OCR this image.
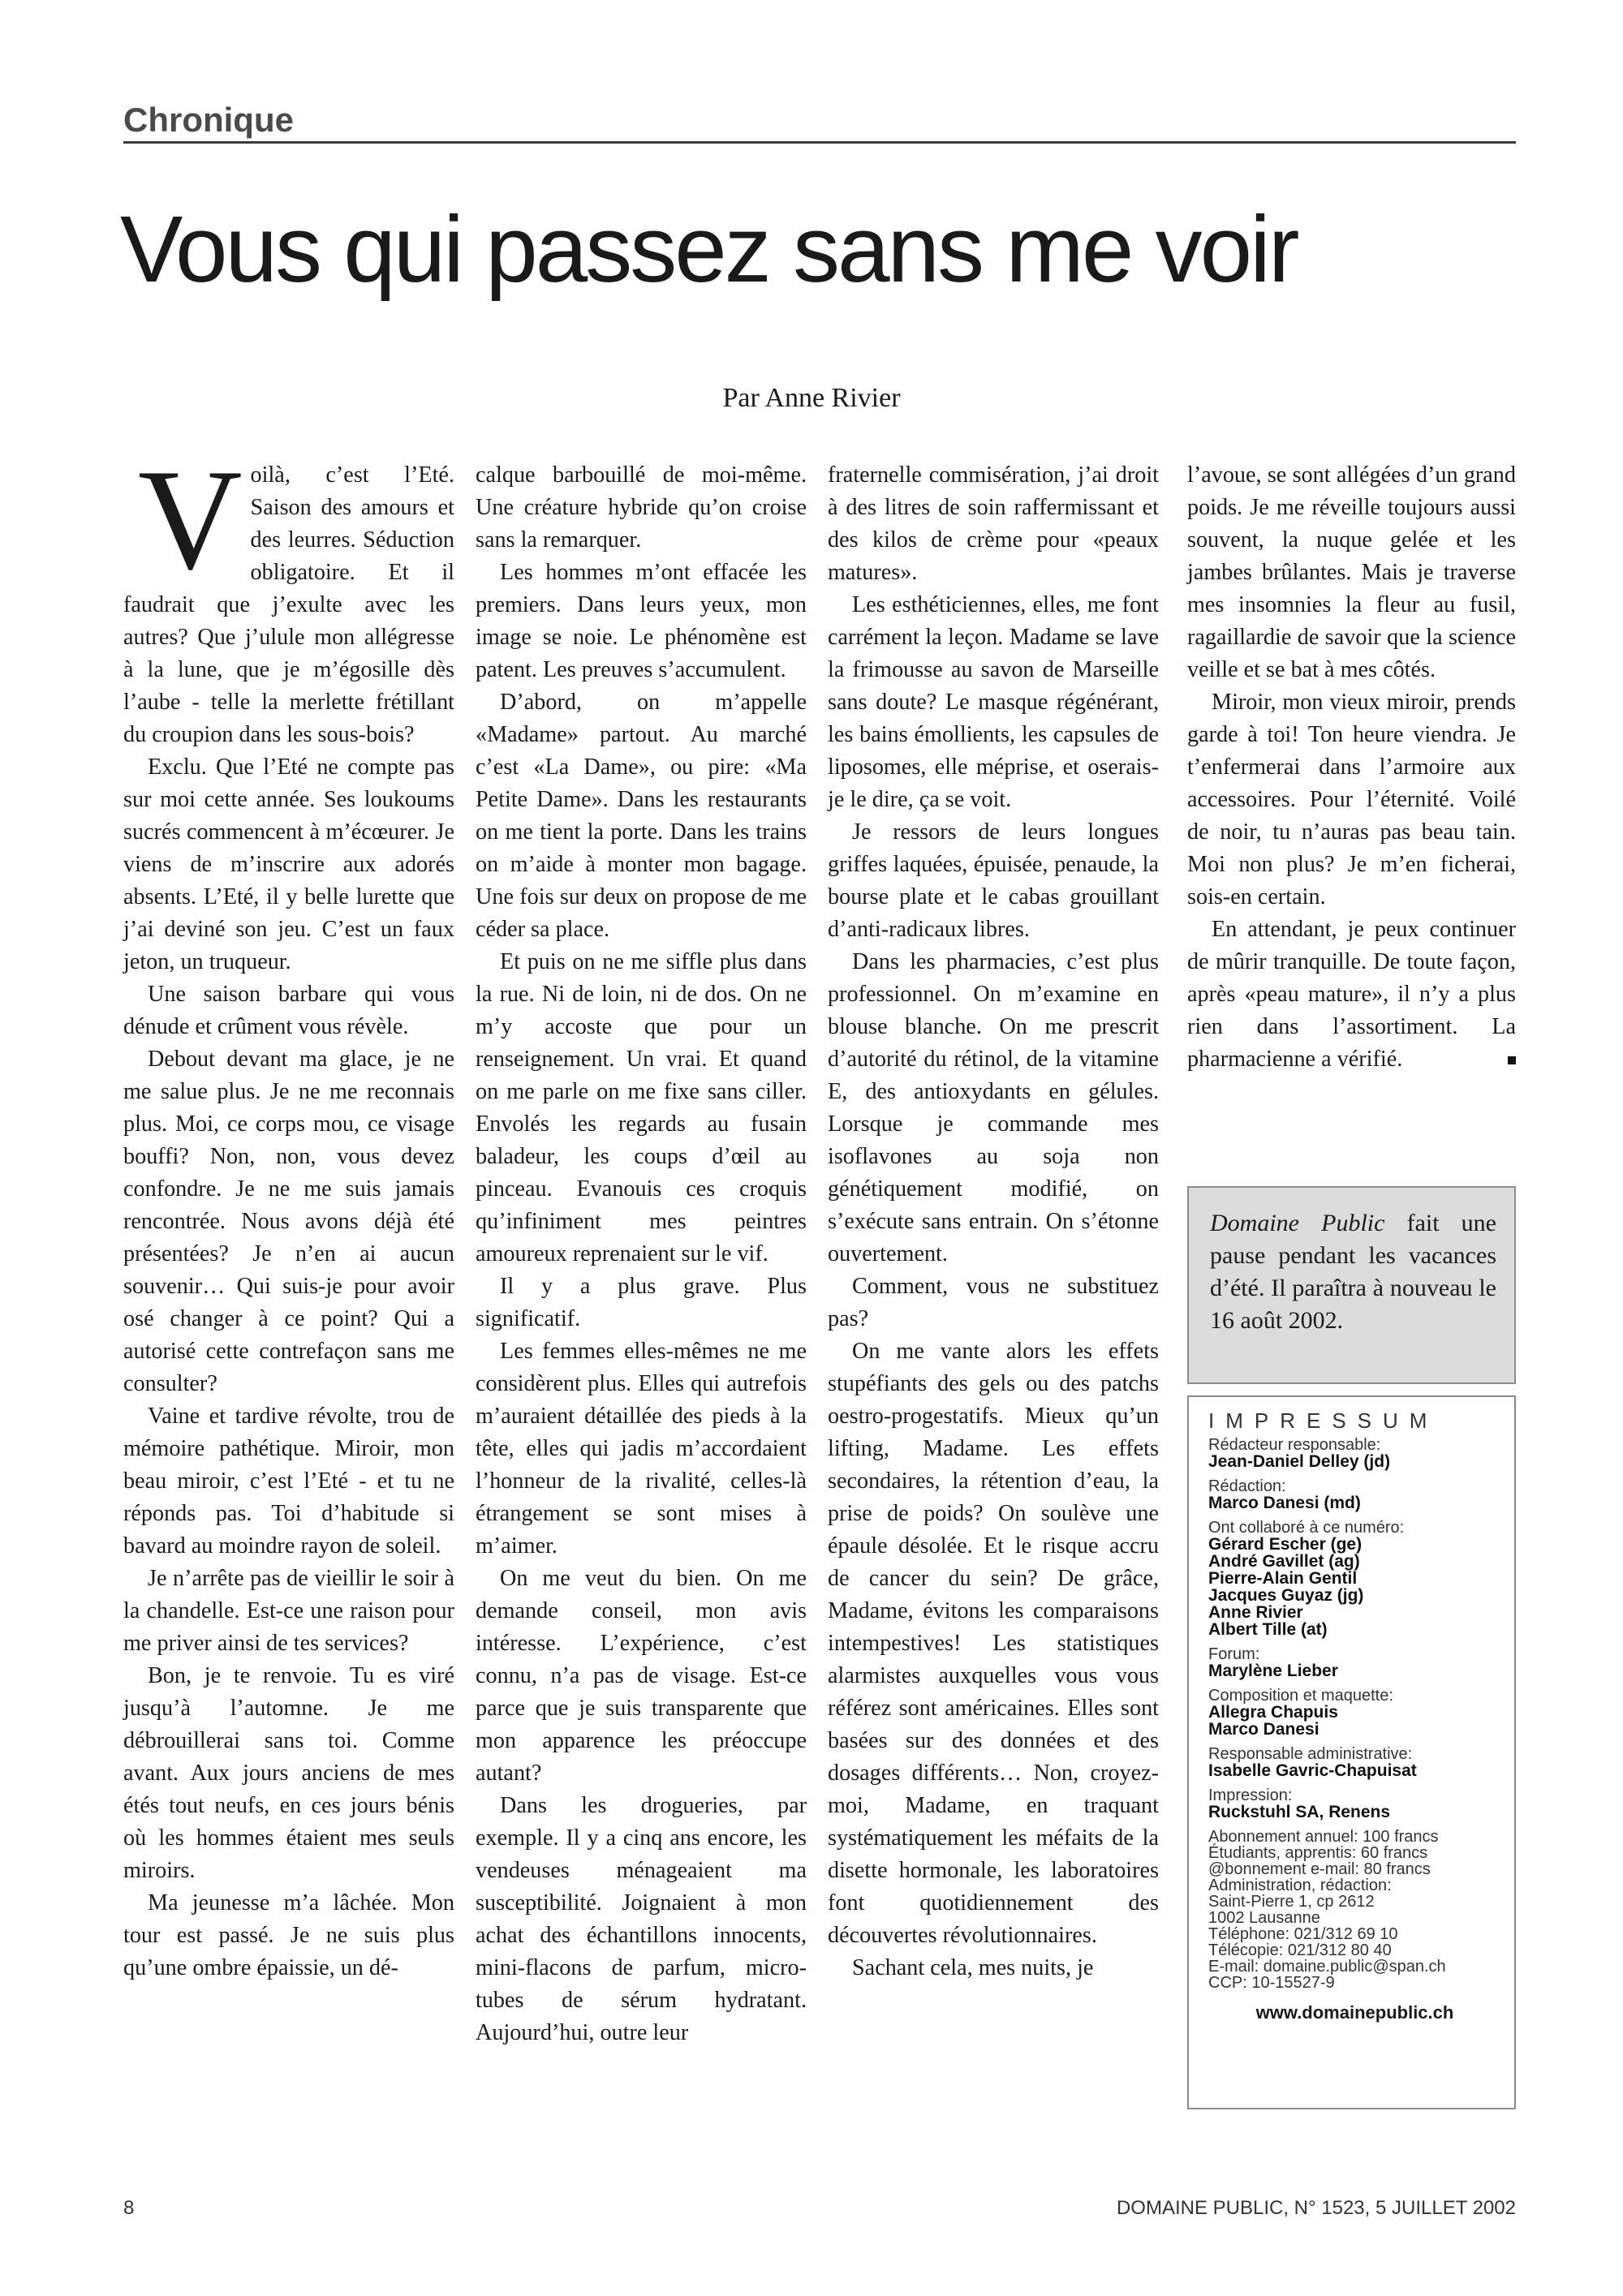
Chronique
Vous qui passez sans me voir
Par Anne Rivier

Voilà, c’est l’Eté. Saison des amours et des leurres. Séduction obligatoire. Et il faudrait que j’exulte avec les autres? Que j’ulule mon allégresse à la lune, que je m’égosille dès l’aube - telle la merlette frétillant du croupion dans les sous-bois?

Exclu. Que l’Eté ne compte pas sur moi cette année. Ses loukoums sucrés commencent à m’écœurer. Je viens de m’inscrire aux adorés absents. L’Eté, il y belle lurette que j’ai deviné son jeu. C’est un faux jeton, un truqueur.

Une saison barbare qui vous dénude et crûment vous révèle.

Debout devant ma glace, je ne me salue plus. Je ne me reconnais plus. Moi, ce corps mou, ce visage bouffi? Non, non, vous devez confondre. Je ne me suis jamais rencontrée. Nous avons déjà été présentées? Je n’en ai aucun souvenir… Qui suis-je pour avoir osé changer à ce point? Qui a autorisé cette contrefaçon sans me consulter?

Vaine et tardive révolte, trou de mémoire pathétique. Miroir, mon beau miroir, c’est l’Eté - et tu ne réponds pas. Toi d’habitude si bavard au moindre rayon de soleil.

Je n’arrête pas de vieillir le soir à la chandelle. Est-ce une raison pour me priver ainsi de tes services?

Bon, je te renvoie. Tu es viré jusqu’à l’automne. Je me débrouillerai sans toi. Comme avant. Aux jours anciens de mes étés tout neufs, en ces jours bénis où les hommes étaient mes seuls miroirs.

Ma jeunesse m’a lâchée. Mon tour est passé. Je ne suis plus qu’une ombre épaissie, un dé-

calque barbouillé de moi-même. Une créature hybride qu’on croise sans la remarquer.

Les hommes m’ont effacée les premiers. Dans leurs yeux, mon image se noie. Le phénomène est patent. Les preuves s’accumulent.

D’abord, on m’appelle «Madame» partout. Au marché c’est «La Dame», ou pire: «Ma Petite Dame». Dans les restaurants on me tient la porte. Dans les trains on m’aide à monter mon bagage. Une fois sur deux on propose de me céder sa place.

Et puis on ne me siffle plus dans la rue. Ni de loin, ni de dos. On ne m’y accoste que pour un renseignement. Un vrai. Et quand on me parle on me fixe sans ciller. Envolés les regards au fusain baladeur, les coups d’œil au pinceau. Evanouis ces croquis qu’infiniment mes peintres amoureux reprenaient sur le vif.

Il y a plus grave. Plus significatif.

Les femmes elles-mêmes ne me considèrent plus. Elles qui autrefois m’auraient détaillée des pieds à la tête, elles qui jadis m’accordaient l’honneur de la rivalité, celles-là étrangement se sont mises à m’aimer.

On me veut du bien. On me demande conseil, mon avis intéresse. L’expérience, c’est connu, n’a pas de visage. Est-ce parce que je suis transparente que mon apparence les préoccupe autant?

Dans les drogueries, par exemple. Il y a cinq ans encore, les vendeuses ménageaient ma susceptibilité. Joignaient à mon achat des échantillons innocents, mini-flacons de parfum, micro-tubes de sérum hydratant. Aujourd’hui, outre leur

fraternelle commisération, j’ai droit à des litres de soin raffermissant et des kilos de crème pour «peaux matures».

Les esthéticiennes, elles, me font carrément la leçon. Madame se lave la frimousse au savon de Marseille sans doute? Le masque régénérant, les bains émollients, les capsules de liposomes, elle méprise, et oserais-je le dire, ça se voit.

Je ressors de leurs longues griffes laquées, épuisée, penaude, la bourse plate et le cabas grouillant d’anti-radicaux libres.

Dans les pharmacies, c’est plus professionnel. On m’examine en blouse blanche. On me prescrit d’autorité du rétinol, de la vitamine E, des antioxydants en gélules. Lorsque je commande mes isoflavones au soja non génétiquement modifié, on s’exécute sans entrain. On s’étonne ouvertement.

Comment, vous ne substituez pas?

On me vante alors les effets stupéfiants des gels ou des patchs oestro-progestatifs. Mieux qu’un lifting, Madame. Les effets secondaires, la rétention d’eau, la prise de poids? On soulève une épaule désolée. Et le risque accru de cancer du sein? De grâce, Madame, évitons les comparaisons intempestives! Les statistiques alarmistes auxquelles vous vous référez sont américaines. Elles sont basées sur des données et des dosages différents… Non, croyez-moi, Madame, en traquant systématiquement les méfaits de la disette hormonale, les laboratoires font quotidiennement des découvertes révolutionnaires.

Sachant cela, mes nuits, je

l’avoue, se sont allégées d’un grand poids. Je me réveille toujours aussi souvent, la nuque gelée et les jambes brûlantes. Mais je traverse mes insomnies la fleur au fusil, ragaillardie de savoir que la science veille et se bat à mes côtés.

Miroir, mon vieux miroir, prends garde à toi! Ton heure viendra. Je t’enfermerai dans l’armoire aux accessoires. Pour l’éternité. Voilé de noir, tu n’auras pas beau tain. Moi non plus? Je m’en ficherai, sois-en certain.

En attendant, je peux continuer de mûrir tranquille. De toute façon, après «peau mature», il n’y a plus rien dans l’assortiment. La pharmacienne a vérifié.

Domaine Public fait une pause pendant les vacances d’été. Il paraîtra à nouveau le 16 août 2002.
IMPRESSUM
Rédacteur responsable:
Jean-Daniel Delley (jd)
Rédaction:
Marco Danesi (md)
Ont collaboré à ce numéro:
Gérard Escher (ge)
André Gavillet (ag)
Pierre-Alain Gentil
Jacques Guyaz (jg)
Anne Rivier
Albert Tille (at)
Forum:
Marylène Lieber
Composition et maquette:
Allegra Chapuis
Marco Danesi
Responsable administrative:
Isabelle Gavric-Chapuisat
Impression:
Ruckstuhl SA, Renens
Abonnement annuel: 100 francs
Étudiants, apprentis: 60 francs
@bonnement e-mail: 80 francs
Administration, rédaction:
Saint-Pierre 1, cp 2612
1002 Lausanne
Téléphone: 021/312 69 10
Télécopie: 021/312 80 40
E-mail: domaine.public@span.ch
CCP: 10-15527-9
www.domainepublic.ch
8	DOMAINE PUBLIC, N° 1523, 5 JUILLET 2002
